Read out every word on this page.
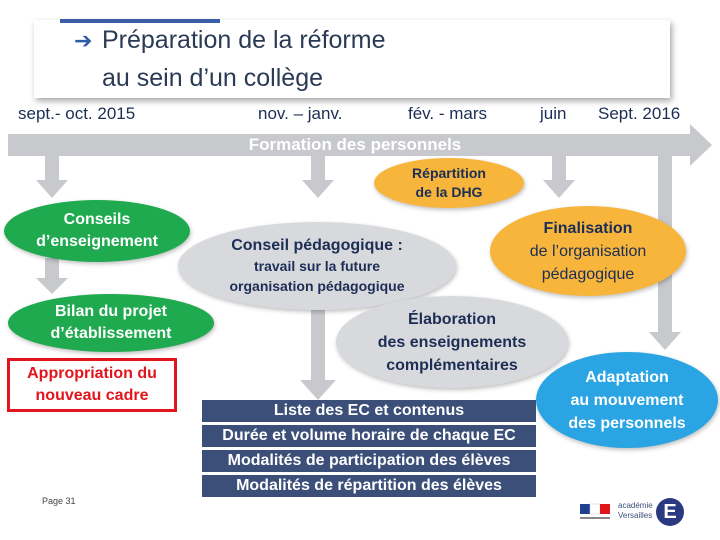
➔ Préparation de la réforme
au sein d’un collège
sept.- oct. 2015	nov. – janv.	fév. - mars	juin Sept. 2016
Formation des personnels
Conseils
d’enseignement
Bilan du projet
d’établissement
Appropriation du
nouveau cadre
Répartition
de la DHG
Conseil pédagogique :
travail sur la future
organisation pédagogique
Élaboration
des enseignements
complémentaires
Finalisation
de l’organisation
pédagogique
Adaptation
au mouvement
des personnels
Liste des EC et contenus
Durée et volume horaire de chaque EC
Modalités de participation des élèves
Modalités de répartition des élèves
Page 31	académie
Versailles E
